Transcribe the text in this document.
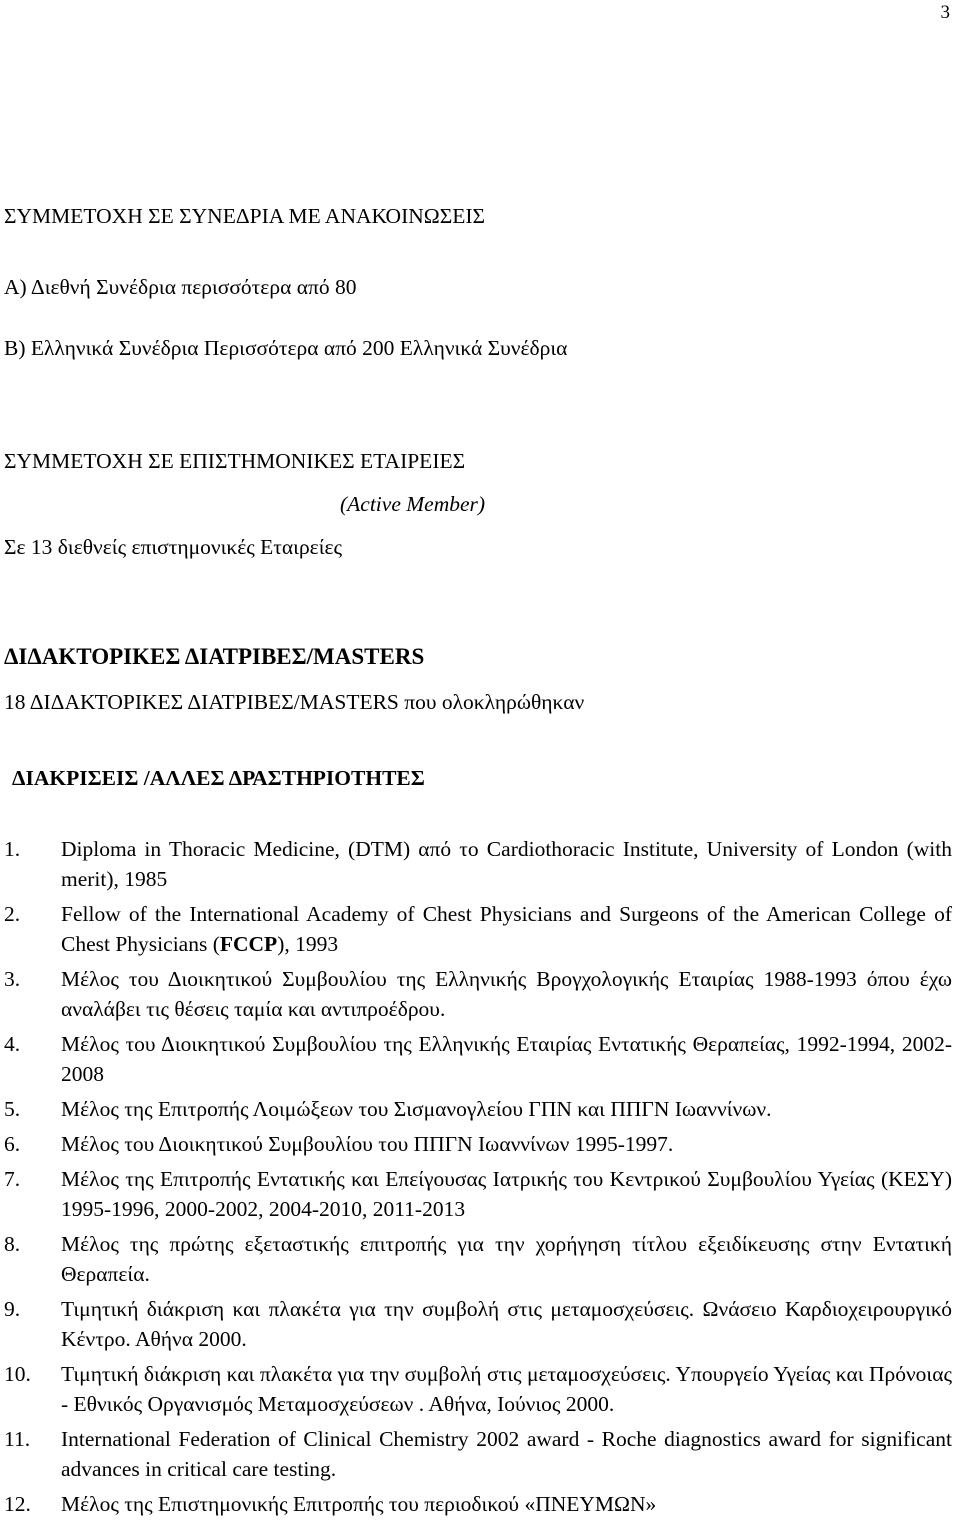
3
ΣΥΜΜΕΤΟΧΗ ΣΕ ΣΥΝΕΔΡΙΑ ΜΕ ΑΝΑΚΟΙΝΩΣΕΙΣ
Α) Διεθνή Συνέδρια περισσότερα από 80
Β) Ελληνικά Συνέδρια Περισσότερα από 200 Ελληνικά Συνέδρια
ΣΥΜΜΕΤΟΧΗ ΣΕ ΕΠΙΣΤΗΜΟΝΙΚΕΣ ΕΤΑΙΡΕΙΕΣ
(Active Member)
Σε 13 διεθνείς επιστημονικές Εταιρείες
ΔΙΔΑΚΤΟΡΙΚΕΣ ΔΙΑΤΡΙΒΕΣ/MASTERS
18 ΔΙΔΑΚΤΟΡΙΚΕΣ ΔΙΑΤΡΙΒΕΣ/MASTERS που ολοκληρώθηκαν
ΔΙΑΚΡΙΣΕΙΣ /ΑΛΛΕΣ ΔΡΑΣΤΗΡΙΟΤΗΤΕΣ
1.	Diploma in Thoracic Medicine, (DTM) από το Cardiothoracic Institute, University of London (with merit), 1985
2.	Fellow of the International Academy of Chest Physicians and Surgeons of the American College of Chest Physicians (FCCP), 1993
3.	Μέλος του Διοικητικού Συμβουλίου της Ελληνικής Βρογχολογικής Εταιρίας 1988-1993 όπου έχω αναλάβει τις θέσεις ταμία και αντιπροέδρου.
4.	Μέλος του Διοικητικού Συμβουλίου της Ελληνικής Εταιρίας Εντατικής Θεραπείας, 1992-1994, 2002-2008
5.	Μέλος της Επιτροπής Λοιμώξεων του Σισμανογλείου ΓΠΝ και ΠΠΓΝ Ιωαννίνων.
6.	Μέλος του Διοικητικού Συμβουλίου του ΠΠΓΝ Ιωαννίνων 1995-1997.
7.	Μέλος της Επιτροπής Εντατικής και Επείγουσας Ιατρικής του Κεντρικού Συμβουλίου Υγείας (ΚΕΣΥ) 1995-1996, 2000-2002, 2004-2010, 2011-2013
8.	Μέλος της πρώτης εξεταστικής επιτροπής για την χορήγηση τίτλου εξειδίκευσης στην Εντατική Θεραπεία.
9.	Τιμητική διάκριση και πλακέτα για την συμβολή στις μεταμοσχεύσεις. Ωνάσειο Καρδιοχειρουργικό Κέντρο. Αθήνα 2000.
10.	Τιμητική διάκριση και πλακέτα για την συμβολή στις μεταμοσχεύσεις. Υπουργείο Υγείας και Πρόνοιας - Εθνικός Οργανισμός Μεταμοσχεύσεων . Αθήνα, Ιούνιος 2000.
11.	International Federation of Clinical Chemistry 2002 award - Roche diagnostics award for significant advances in critical care testing.
12.	Μέλος της Επιστημονικής Επιτροπής του περιοδικού «ΠΝΕΥΜΩΝ»
